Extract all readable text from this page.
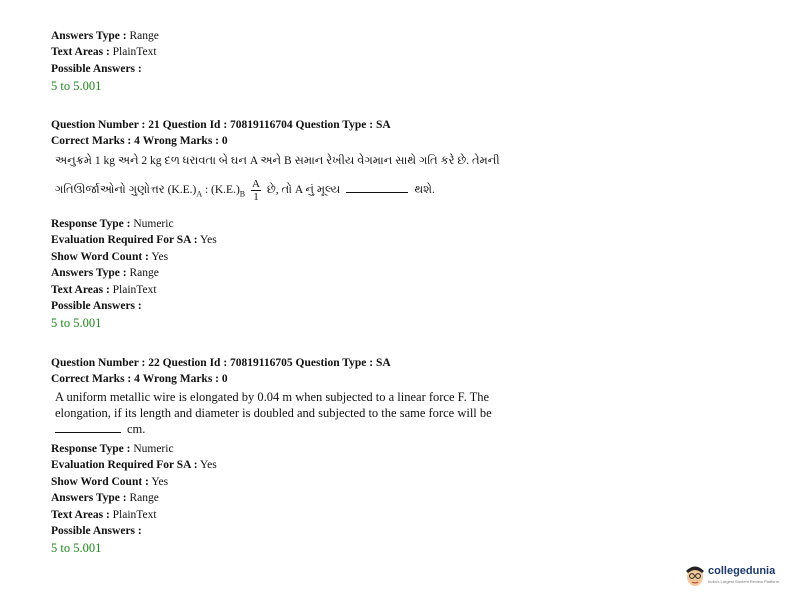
Answers Type : Range
Text Areas : PlainText
Possible Answers :
5 to 5.001
Question Number : 21 Question Id : 70819116704 Question Type : SA
Correct Marks : 4 Wrong Marks : 0
અનુક્રમે 1 kg અને 2 kg દળ ધરાવતા બે ઘન A અને B સમાન રેખીય વેગમાન સાથે ગતિ કરે છે. તેમની
ગતિઊર્જાઓનો ગુણોત્તર $(K.E.)_A$ : $(K.E.)_B \frac{A}{1}$ છે, તો A નું મૂલ્ય	થશે.
Response Type : Numeric
Evaluation Required For SA : Yes
Show Word Count : Yes
Answers Type : Range
Text Areas : PlainText
Possible Answers :
5 to 5.001
Question Number : 22 Question Id : 70819116705 Question Type : SA
Correct Marks : 4 Wrong Marks : 0
A uniform metallic wire is elongated by 0.04 m when subjected to a linear force F. The
elongation, if its length and diameter is doubled and subjected to the same force will be
cm.
Response Type : Numeric
Evaluation Required For SA : Yes
Show Word Count : Yes
Answers Type : Range
Text Areas : PlainText
Possible Answers :
5 to 5.001
collegedunia
India's Largest Student Review Platform
